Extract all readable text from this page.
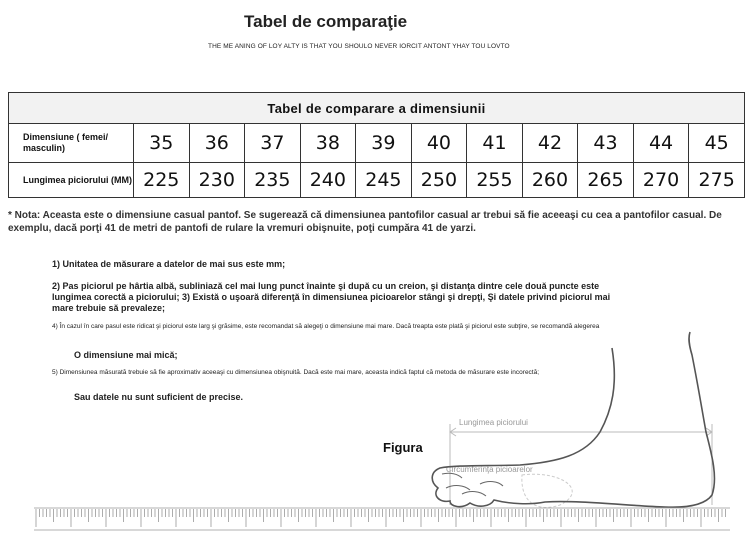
Tabel de comparaţie
THE ME ANING OF LOY ALTY IS THAT YOU SHOULO NEVER IORCIT ANTONT YHAY TOU LOVTO
Tabel de comparare a dimensiunii											
Dimensiune ( femei/ masculin)	35	36	37	38	39	40	41	42	43	44	45
Lungimea piciorului (MM)	225	230	235	240	245	250	255	260	265	270	275
* Nota: Aceasta este o dimensiune casual pantof. Se sugerează că dimensiunea pantofilor casual ar trebui să fie aceeaşi cu cea a pantofilor casual. De exemplu, dacă porţi 41 de metri de pantofi de rulare la vremuri obişnuite, poţi cumpăra 41 de yarzi.
1) Unitatea de măsurare a datelor de mai sus este mm;
2) Pas piciorul pe hârtia albă, subliniază cel mai lung punct înainte şi după cu un creion, şi distanţa dintre cele două puncte este lungimea corectă a piciorului; 3) Există o uşoară diferenţă în dimensiunea picioarelor stângi şi drepţi, Şi datele privind piciorul mai mare trebuie să prevaleze;
4) În cazul în care pasul este ridicat şi piciorul este larg şi grăsime, este recomandat să alegeţi o dimensiune mai mare. Dacă treapta este plată şi piciorul este subţire, se recomandă alegerea
O dimensiune mai mică;
5) Dimensiunea măsurată trebuie să fie aproximativ aceeaşi cu dimensiunea obişnuită. Dacă este mai mare, aceasta indică faptul că metoda de măsurare este incorectă;
Sau datele nu sunt suficient de precise.
Figura
Lungimea piciorului
Circumferinţa picioarelor
